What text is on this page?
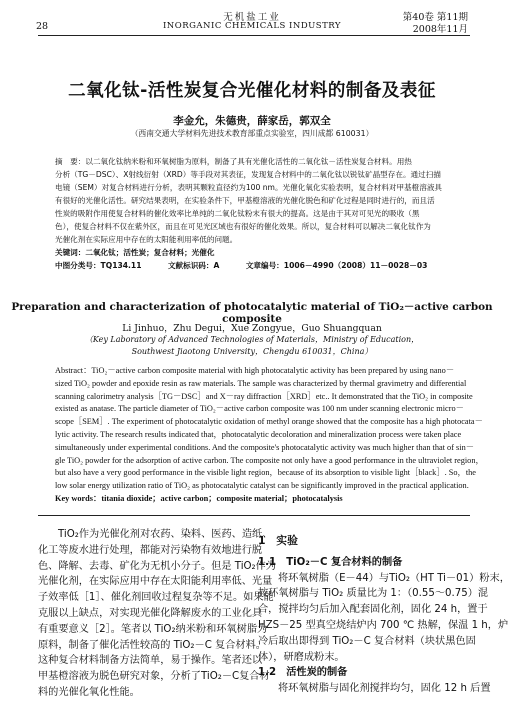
无机盐工业
28	INORGANIC CHEMICALS INDUSTRY
第40卷 第11期
2008年11月
二氧化钛-活性炭复合光催化材料的制备及表征
李金允，朱德贵，薛家岳，郭双全
（西南交通大学材料先进技术教育部重点实验室，四川成都 610031）
摘　要：以二氧化钛纳米粉和环氧树脂为原料，制备了具有光催化活性的二氧化钛－活性炭复合材料。用热
分析（TG－DSC）、X射线衍射（XRD）等手段对其表征，发现复合材料中的二氧化钛以锐钛矿晶型存在。通过扫描
电镜（SEM）对复合材料进行分析，表明其颗粒直径约为100 nm。光催化氧化实验表明，复合材料对甲基橙溶液具
有很好的光催化活性。研究结果表明，在实验条件下，甲基橙溶液的光催化脱色和矿化过程是同时进行的，而且活
性炭的吸附作用使复合材料的催化效率比单纯的二氧化钛粉末有很大的提高。这是由于其对可见光的吸收（黑
色），使复合材料不仅在紫外区，而且在可见光区域也有很好的催化效果。所以，复合材料可以解决二氧化钛作为
光催化剂在实际应用中存在的太阳能利用率低的问题。
关键词：二氧化钛；活性炭；复合材料；光催化
中图分类号：TQ134.11	文献标识码：A	文章编号：1006－4990（2008）11－0028－03
Preparation and characterization of photocatalytic material of TiO₂－active carbon composite
Li Jinhuo，Zhu Degui，Xue Zongyue，Guo Shuangquan
（Key Laboratory of Advanced Technologies of Materials，Ministry of Education，
Southwest Jiaotong University，Chengdu 610031，China）
Abstract：TiO₂－active carbon composite material with high photocatalytic activity has been prepared by using nano－
sized TiO₂ powder and epoxide resin as raw materials. The sample was characterized by thermal gravimetry and differential
scanning calorimetry analysis［TG－DSC］and X－ray diffraction［XRD］etc.. It demonstrated that the TiO₂ in composite
existed as anatase. The particle diameter of TiO₂－active carbon composite was 100 nm under scanning electronic micro－
scope［SEM］. The experiment of photocatalytic oxidation of methyl orange showed that the composite has a high photocata－
lytic activity. The research results indicated that，photocatalytic decoloration and mineralization process were taken place
simultaneously under experimental conditions. And the composite's photocatalytic activity was much higher than that of sin－
gle TiO₂ powder for the adsorption of active carbon. The composite not only have a good performance in the ultraviolet region，
but also have a very good performance in the visible light region，because of its absorption to visible light［black］. So，the
low solar energy utilization ratio of TiO₂ as photocatalytic catalyst can be significantly improved in the practical application.
Key words：titania dioxide；active carbon；composite material；photocatalysis
TiO₂作为光催化剂对农药、染料、医药、造纸、
化工等废水进行处理，都能对污染物有效地进行脱
色、降解、去毒、矿化为无机小分子。但是 TiO₂作为
光催化剂，在实际应用中存在太阳能利用率低、光量
子效率低［1］、催化剂回收过程复杂等不足。如果能
克服以上缺点，对实现光催化降解废水的工业化具
有重要意义［2］。笔者以 TiO₂纳米粉和环氧树脂为
原料，制备了催化活性较高的 TiO₂－C 复合材料。
这种复合材料制备方法简单，易于操作。笔者还以
甲基橙溶液为脱色研究对象，分析了TiO₂－C复合材
料的光催化氧化性能。
1　实验
1.1　TiO₂－C 复合材料的制备
将环氧树脂（E－44）与TiO₂（HT Ti－01）粉末，
按环氧树脂与 TiO₂ 质量比为 1：（0.55～0.75）混
合，搅拌均匀后加入配套固化剂，固化 24 h，置于
HZS－25 型真空烧结炉内 700 ℃ 热解，保温 1 h，炉
冷后取出即得到 TiO₂－C 复合材料（块状黑色固
体），研磨成粉末。
1.2　活性炭的制备
将环氧树脂与固化剂搅拌均匀，固化 12 h 后置
